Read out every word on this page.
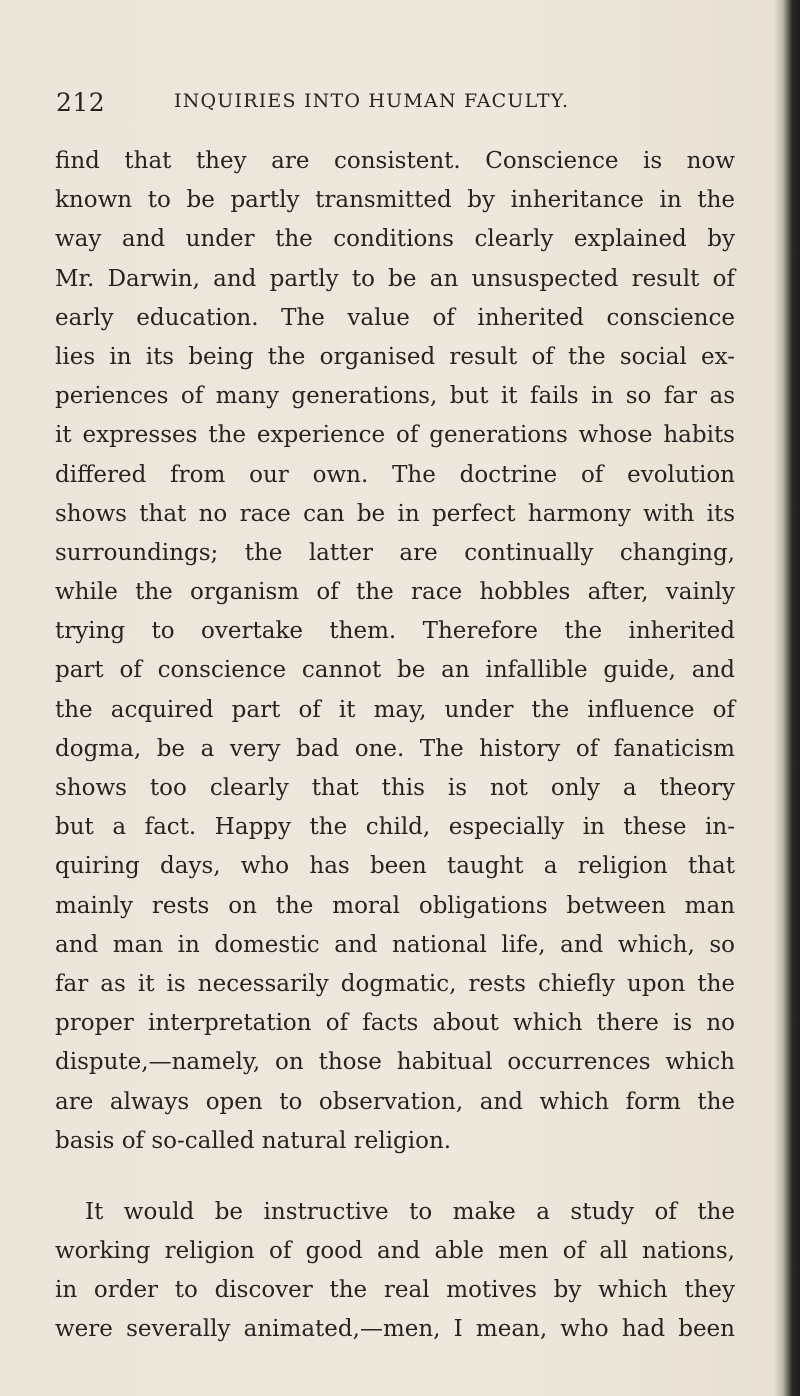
212	INQUIRIES INTO HUMAN FACULTY.
find that they are consistent. Conscience is now
known to be partly transmitted by inheritance in the
way and under the conditions clearly explained by
Mr. Darwin, and partly to be an unsuspected result of
early education. The value of inherited conscience
lies in its being the organised result of the social ex-
periences of many generations, but it fails in so far as
it expresses the experience of generations whose habits
differed from our own. The doctrine of evolution
shows that no race can be in perfect harmony with its
surroundings; the latter are continually changing,
while the organism of the race hobbles after, vainly
trying to overtake them. Therefore the inherited
part of conscience cannot be an infallible guide, and
the acquired part of it may, under the influence of
dogma, be a very bad one. The history of fanaticism
shows too clearly that this is not only a theory
but a fact. Happy the child, especially in these in-
quiring days, who has been taught a religion that
mainly rests on the moral obligations between man
and man in domestic and national life, and which, so
far as it is necessarily dogmatic, rests chiefly upon the
proper interpretation of facts about which there is no
dispute,—namely, on those habitual occurrences which
are always open to observation, and which form the
basis of so-called natural religion.
It would be instructive to make a study of the
working religion of good and able men of all nations,
in order to discover the real motives by which they
were severally animated,—men, I mean, who had been
